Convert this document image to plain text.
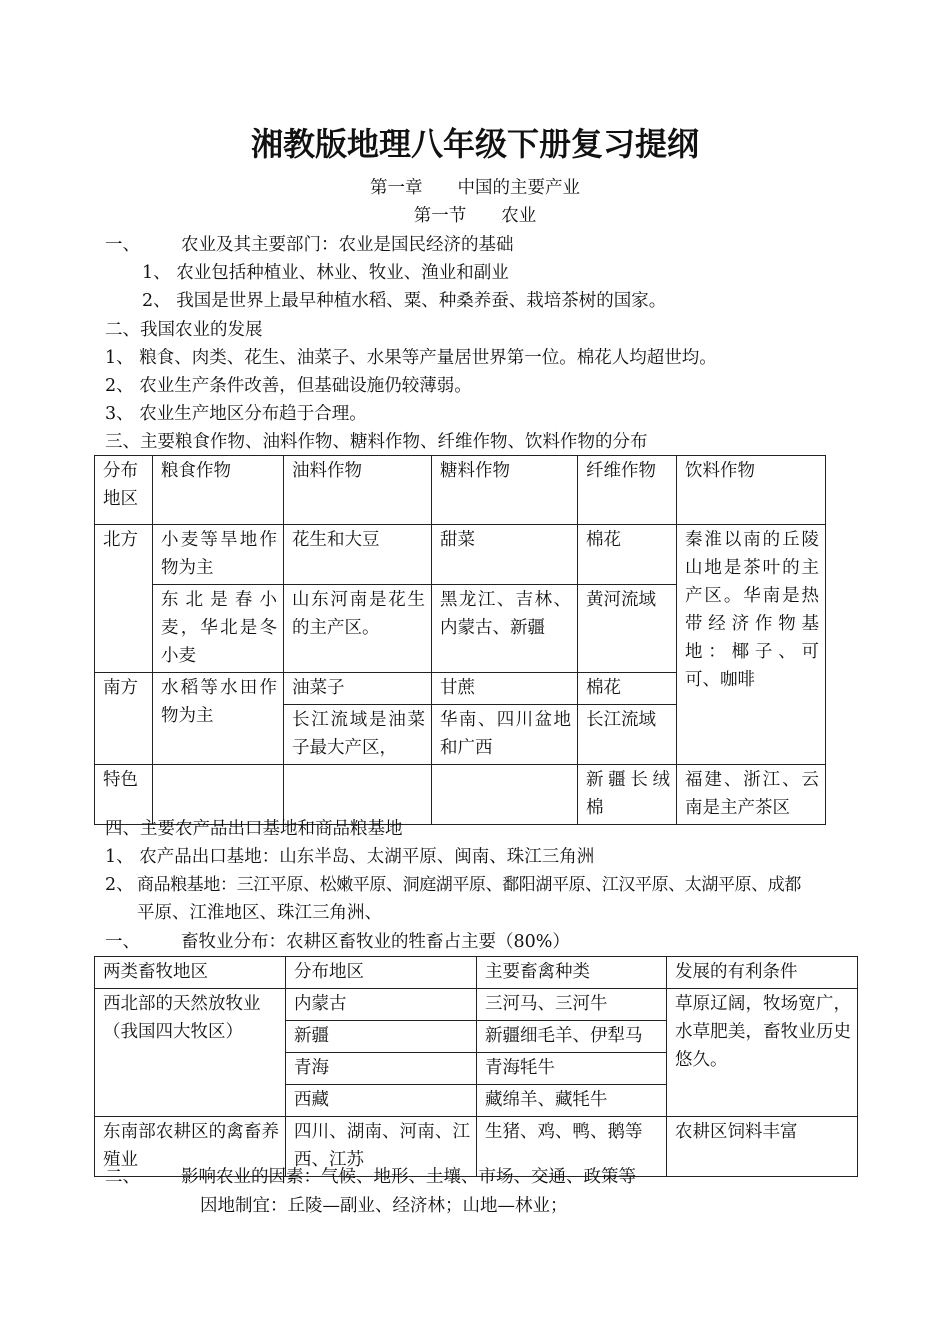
湘教版地理八年级下册复习提纲
第一章　　中国的主要产业
第一节　　农业
一、 农业及其主要部门：农业是国民经济的基础
1、 农业包括种植业、林业、牧业、渔业和副业
2、 我国是世界上最早种植水稻、粟、种桑养蚕、栽培茶树的国家。
二、我国农业的发展
1、 粮食、肉类、花生、油菜子、水果等产量居世界第一位。棉花人均超世均。
2、 农业生产条件改善，但基础设施仍较薄弱。
3、 农业生产地区分布趋于合理。
三、主要粮食作物、油料作物、糖料作物、纤维作物、饮料作物的分布
分布地区	粮食作物	油料作物	糖料作物	纤维作物	饮料作物
北方	小麦等旱地作物为主	花生和大豆	甜菜	棉花	秦淮以南的丘陵山地是茶叶的主产区。华南是热带经济作物基地：椰子、可可、咖啡
	东北是春小麦，华北是冬小麦	山东河南是花生的主产区。	黑龙江、吉林、内蒙古、新疆	黄河流域	
南方	水稻等水田作物为主	油菜子	甘蔗	棉花	
		长江流域是油菜子最大产区，	华南、四川盆地和广西	长江流域	
特色				新疆长绒棉	福建、浙江、云南是主产茶区
四、主要农产品出口基地和商品粮基地
1、 农产品出口基地：山东半岛、太湖平原、闽南、珠江三角洲
2、 商品粮基地：三江平原、松嫩平原、洞庭湖平原、鄱阳湖平原、江汉平原、太湖平原、成都
平原、江淮地区、珠江三角洲、
一、 畜牧业分布：农耕区畜牧业的牲畜占主要（80%）
两类畜牧地区	分布地区	主要畜禽种类	发展的有利条件

西北部的天然放牧业
（我国四大牧区）	内蒙古	三河马、三河牛	草原辽阔，牧场宽广，水草肥美，畜牧业历史悠久。
	新疆	新疆细毛羊、伊犁马	
	青海	青海牦牛	
	西藏	藏绵羊、藏牦牛	
东南部农耕区的禽畜养殖业	四川、湖南、河南、江西、江苏	生猪、鸡、鸭、鹅等	农耕区饲料丰富
二、 影响农业的因素：气候、地形、土壤、市场、交通、政策等
因地制宜：丘陵—副业、经济林；山地—林业；
